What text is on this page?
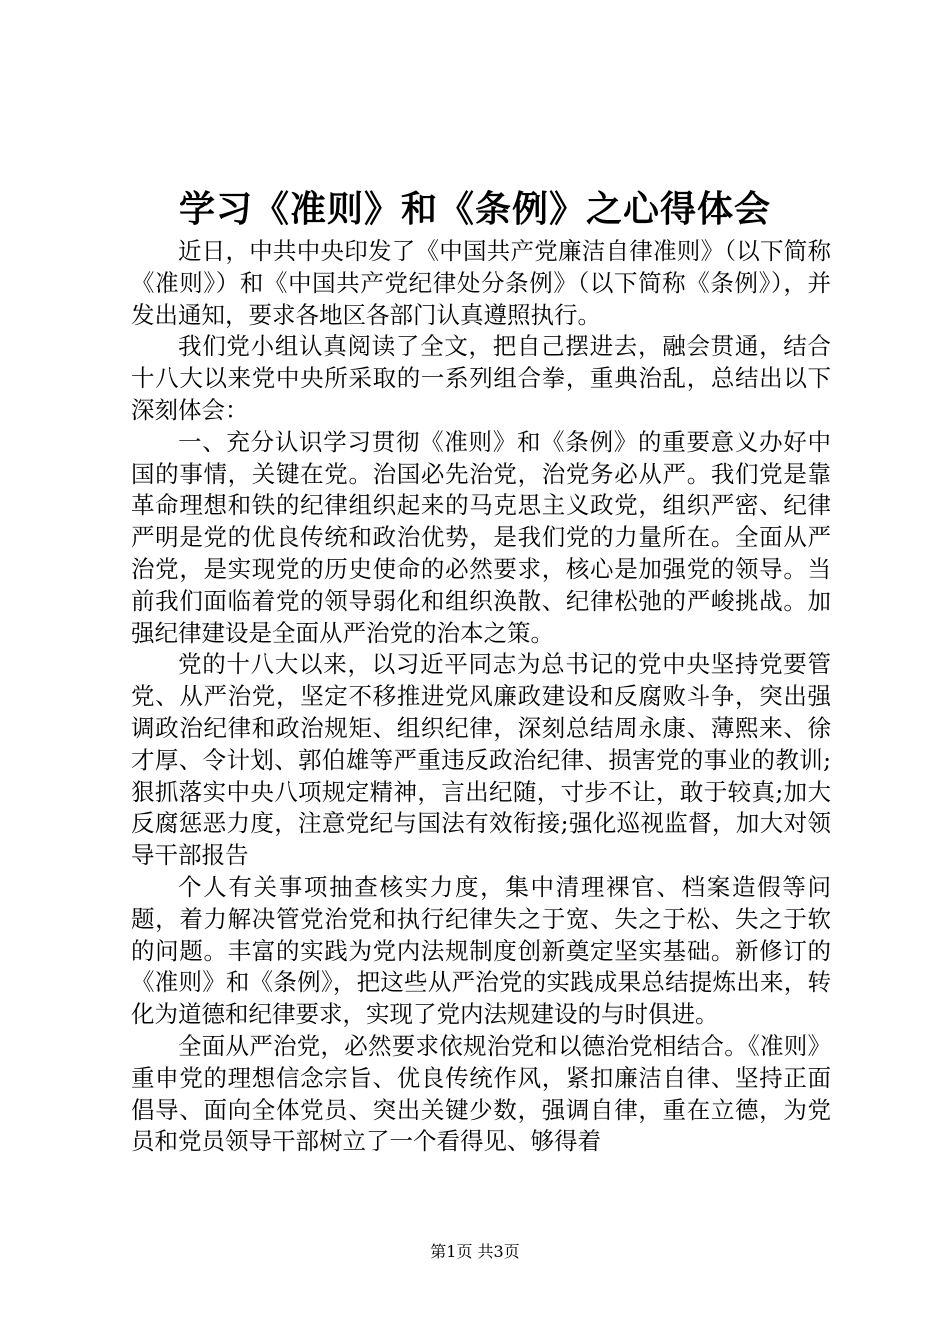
学习《准则》和《条例》之心得体会

近日，中共中央印发了《中国共产党廉洁自律准则》（以下简称《准则》）和《中国共产党纪律处分条例》（以下简称《条例》），并发出通知，要求各地区各部门认真遵照执行。

我们党小组认真阅读了全文，把自己摆进去，融会贯通，结合十八大以来党中央所采取的一系列组合拳，重典治乱，总结出以下深刻体会：

一、充分认识学习贯彻《准则》和《条例》的重要意义办好中国的事情，关键在党。治国必先治党，治党务必从严。我们党是靠革命理想和铁的纪律组织起来的马克思主义政党，组织严密、纪律严明是党的优良传统和政治优势，是我们党的力量所在。全面从严治党，是实现党的历史使命的必然要求，核心是加强党的领导。当前我们面临着党的领导弱化和组织涣散、纪律松弛的严峻挑战。加强纪律建设是全面从严治党的治本之策。

党的十八大以来，以习近平同志为总书记的党中央坚持党要管党、从严治党，坚定不移推进党风廉政建设和反腐败斗争，突出强调政治纪律和政治规矩、组织纪律，深刻总结周永康、薄熙来、徐才厚、令计划、郭伯雄等严重违反政治纪律、损害党的事业的教训;狠抓落实中央八项规定精神，言出纪随，寸步不让，敢于较真;加大反腐惩恶力度，注意党纪与国法有效衔接;强化巡视监督，加大对领导干部报告

个人有关事项抽查核实力度，集中清理裸官、档案造假等问题，着力解决管党治党和执行纪律失之于宽、失之于松、失之于软的问题。丰富的实践为党内法规制度创新奠定坚实基础。新修订的《准则》和《条例》，把这些从严治党的实践成果总结提炼出来，转化为道德和纪律要求，实现了党内法规建设的与时俱进。

全面从严治党，必然要求依规治党和以德治党相结合。《准则》重申党的理想信念宗旨、优良传统作风，紧扣廉洁自律、坚持正面倡导、面向全体党员、突出关键少数，强调自律，重在立德，为党员和党员领导干部树立了一个看得见、够得着

第1页 共3页
